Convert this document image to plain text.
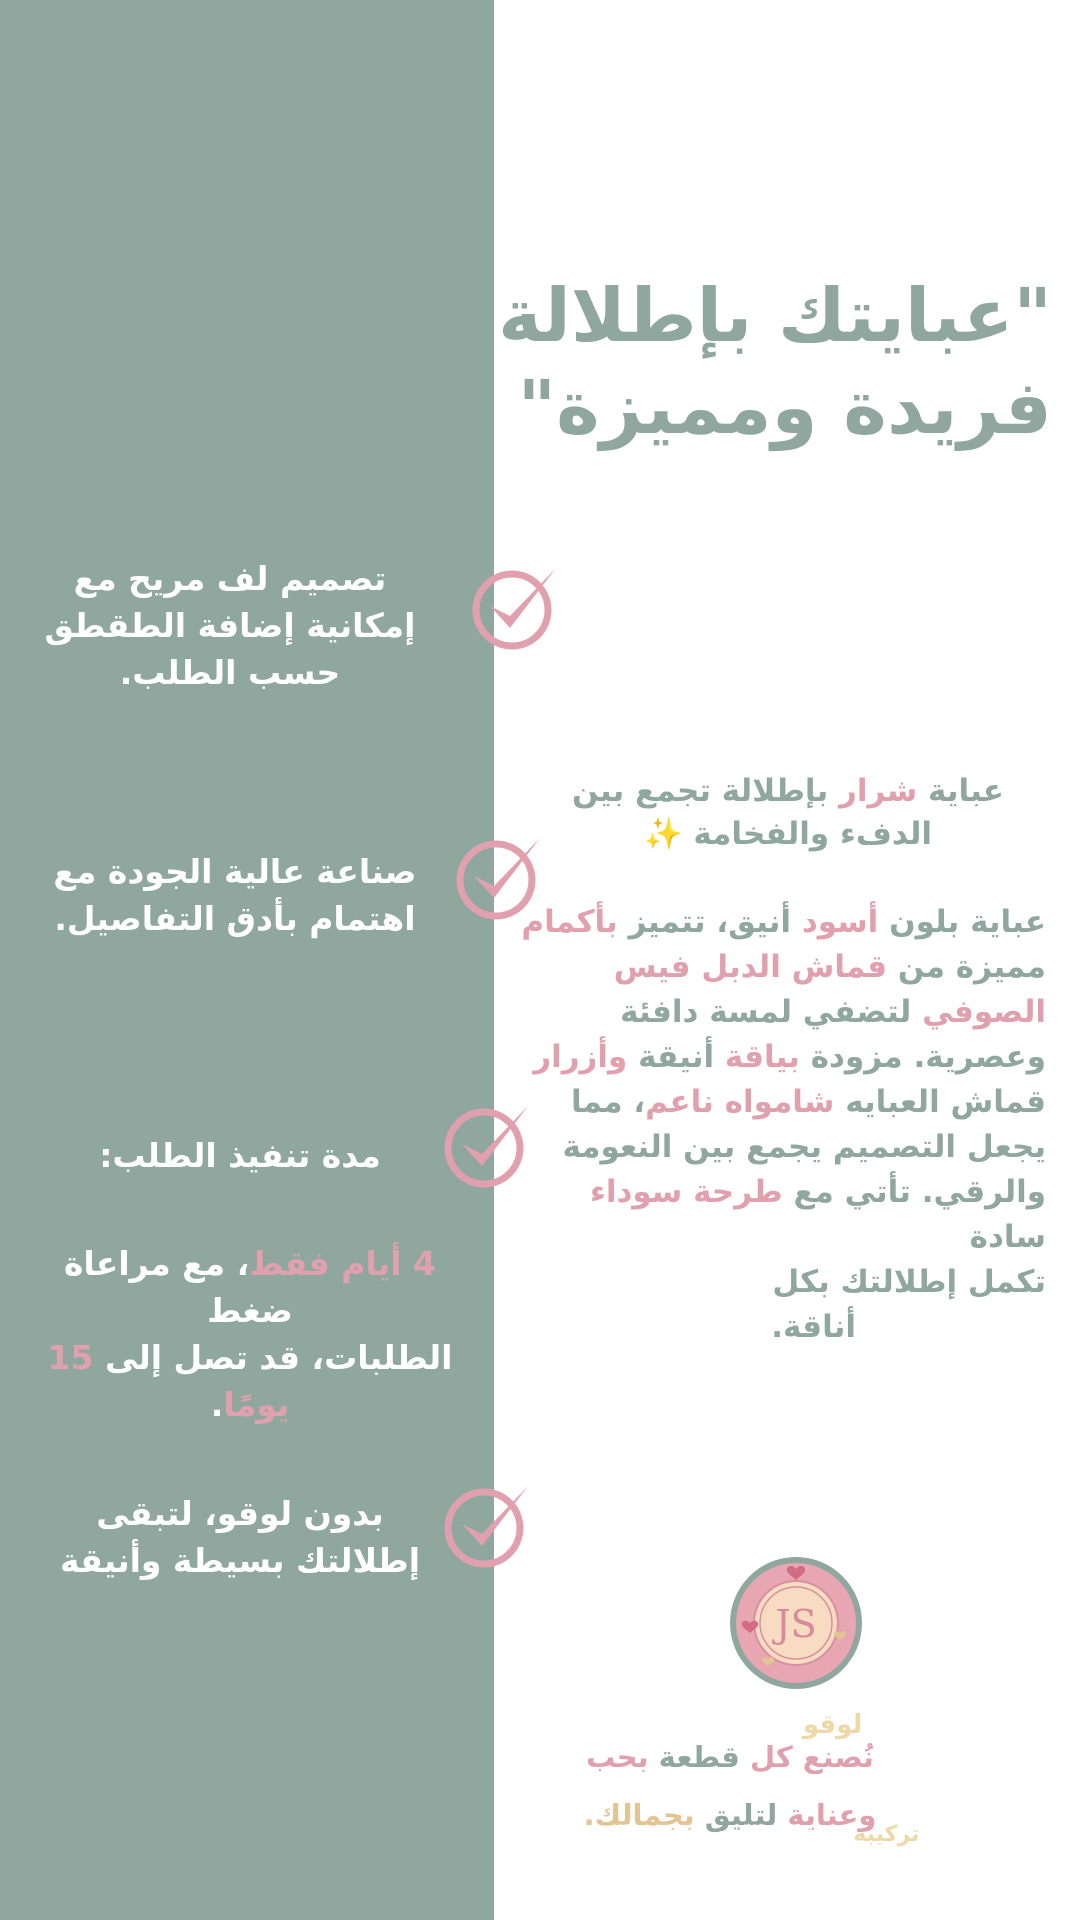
"عبايتك بإطلالة
فريدة ومميزة"
تصميم لف مريح مع
إمكانية إضافة الطقطق
حسب الطلب.
صناعة عالية الجودة مع
اهتمام بأدق التفاصيل.
مدة تنفيذ الطلب:
4 أيام فقط، مع مراعاة ضغط
الطلبات، قد تصل إلى 15 يومًا.
بدون لوقو، لتبقى
إطلالتك بسيطة وأنيقة
عباية شرار بإطلالة تجمع بين
الدفء والفخامة ✨
عباية بلون أسود أنيق، تتميز بأكمام
مميزة من قماش الدبل فيس
الصوفي لتضفي لمسة دافئة
وعصرية. مزودة بياقة أنيقة وأزرار
قماش العبايه شامواه ناعم، مما
يجعل التصميم يجمع بين النعومة
والرقي. تأتي مع طرحة سوداء سادة
تكمل إطلالتك بكل
أناقة.
JS
نُصنع كل قطعة بحب
وعناية لتليق بجمالك.
يتم وضع لوقو مع كل عبايه
“ يمكنك تركيبه بلمكان اللذي تُريدين”
